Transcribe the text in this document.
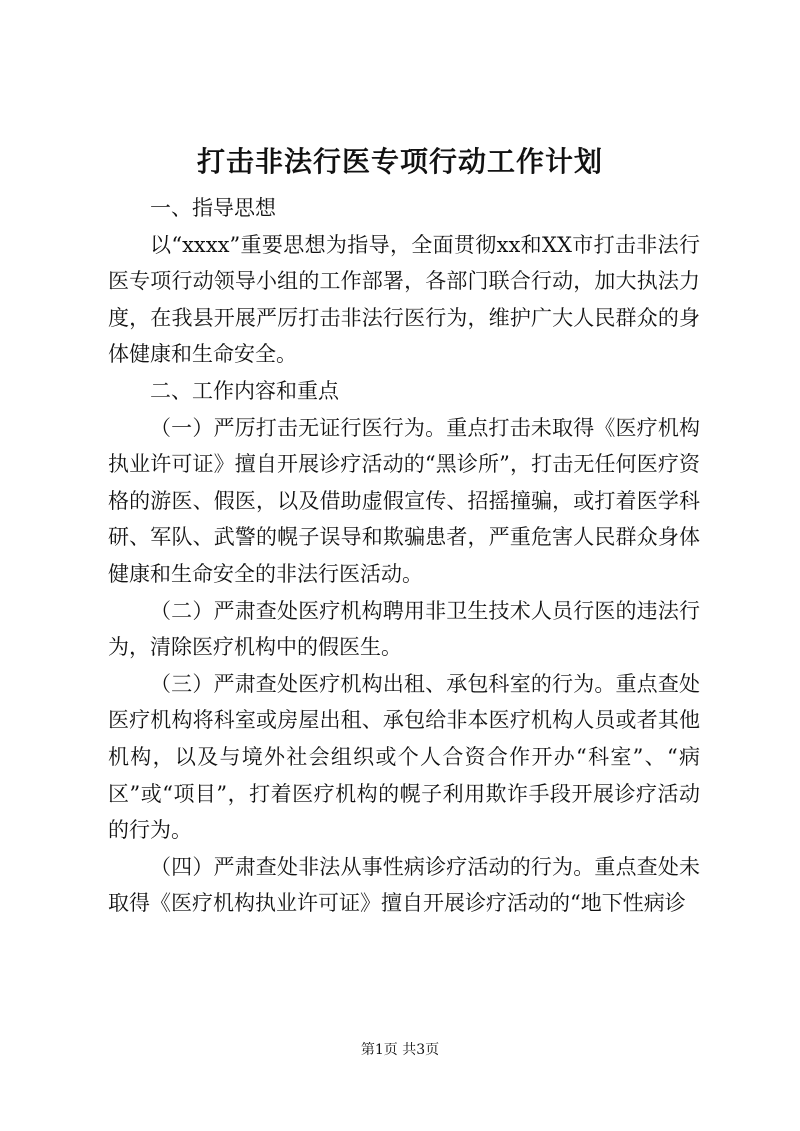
打击非法行医专项行动工作计划

一、指导思想

以“xxxx”重要思想为指导，全面贯彻xx和XX市打击非法行医专项行动领导小组的工作部署，各部门联合行动，加大执法力度，在我县开展严厉打击非法行医行为，维护广大人民群众的身体健康和生命安全。

二、工作内容和重点

（一）严厉打击无证行医行为。重点打击未取得《医疗机构执业许可证》擅自开展诊疗活动的“黑诊所”，打击无任何医疗资格的游医、假医，以及借助虚假宣传、招摇撞骗，或打着医学科研、军队、武警的幌子误导和欺骗患者，严重危害人民群众身体健康和生命安全的非法行医活动。

（二）严肃查处医疗机构聘用非卫生技术人员行医的违法行为，清除医疗机构中的假医生。

（三）严肃查处医疗机构出租、承包科室的行为。重点查处医疗机构将科室或房屋出租、承包给非本医疗机构人员或者其他机构，以及与境外社会组织或个人合资合作开办“科室”、“病区”或“项目”，打着医疗机构的幌子利用欺诈手段开展诊疗活动的行为。

（四）严肃查处非法从事性病诊疗活动的行为。重点查处未取得《医疗机构执业许可证》擅自开展诊疗活动的“地下性病诊

第1页 共3页
